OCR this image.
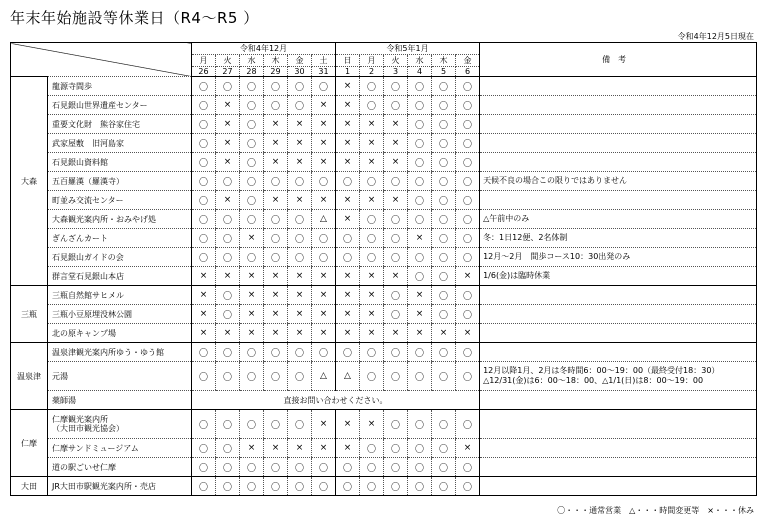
年末年始施設等休業日（R4～R5 ）
令和4年12月5日現在
		令和4年12月						令和5年1月						備考
		月	火	水	木	金	土	日	月	火	水	木	金	
		26	27	28	29	30	31	1	2	3	4	5	6	
大森	龍源寺間歩	〇	〇	〇	〇	〇	〇	×	〇	〇	〇	〇	〇	
	石見銀山世界遺産センター	〇	×	〇	〇	〇	×	×	〇	〇	〇	〇	〇	
	重要文化財　熊谷家住宅	〇	×	〇	×	×	×	×	×	×	〇	〇	〇	
	武家屋敷　旧河島家	〇	×	〇	×	×	×	×	×	×	〇	〇	〇	
	石見銀山資料館	〇	×	〇	×	×	×	×	×	×	〇	〇	〇	
	五百羅漢（羅漢寺）	〇	〇	〇	〇	〇	〇	〇	〇	〇	〇	〇	〇	天候不良の場合この限りではありません
	町並み交流センター	〇	×	〇	×	×	×	×	×	×	〇	〇	〇	
	大森観光案内所・おみやげ処	〇	〇	〇	〇	〇	△	×	〇	〇	〇	〇	〇	△午前中のみ
	ぎんざんカート	〇	〇	×	〇	〇	〇	〇	〇	〇	×	〇	〇	冬：1日12便、2名体制
	石見銀山ガイドの会	〇	〇	〇	〇	〇	〇	〇	〇	〇	〇	〇	〇	12月～2月　間歩コース10：30出発のみ
	群言堂石見銀山本店	×	×	×	×	×	×	×	×	×	〇	〇	×	1/6(金)は臨時休業
三瓶	三瓶自然館サヒメル	×	〇	×	×	×	×	×	×	〇	×	〇	〇	
	三瓶小豆原埋没林公園	×	〇	×	×	×	×	×	×	〇	×	〇	〇	
	北の原キャンプ場	×	×	×	×	×	×	×	×	×	×	×	×	
温泉津	温泉津観光案内所ゆう・ゆう館	〇	〇	〇	〇	〇	〇	〇	〇	〇	〇	〇	〇	
	元湯	〇	〇	〇	〇	〇	△	△	〇	〇	〇	〇	〇	12月以降1月、2月は冬時間6：00～19：00（最終受付18：30）
△12/31(金)は6：00～18：00、△1/1(日)は8：00～19：00

	薬師湯	直接お問い合わせください。												
仁摩	仁摩観光案内所
（大田市観光協会）	〇	〇	〇	〇	〇	×	×	×	〇	〇	〇	〇	
	仁摩サンドミュージアム	〇	〇	×	×	×	×	×	〇	〇	〇	〇	×	
	道の駅ごいせ仁摩	〇	〇	〇	〇	〇	〇	〇	〇	〇	〇	〇	〇	
大田	JR大田市駅観光案内所・売店	〇	〇	〇	〇	〇	〇	〇	〇	〇	〇	〇	〇	
〇・・・通常営業　△・・・時間変更等　×・・・休み
